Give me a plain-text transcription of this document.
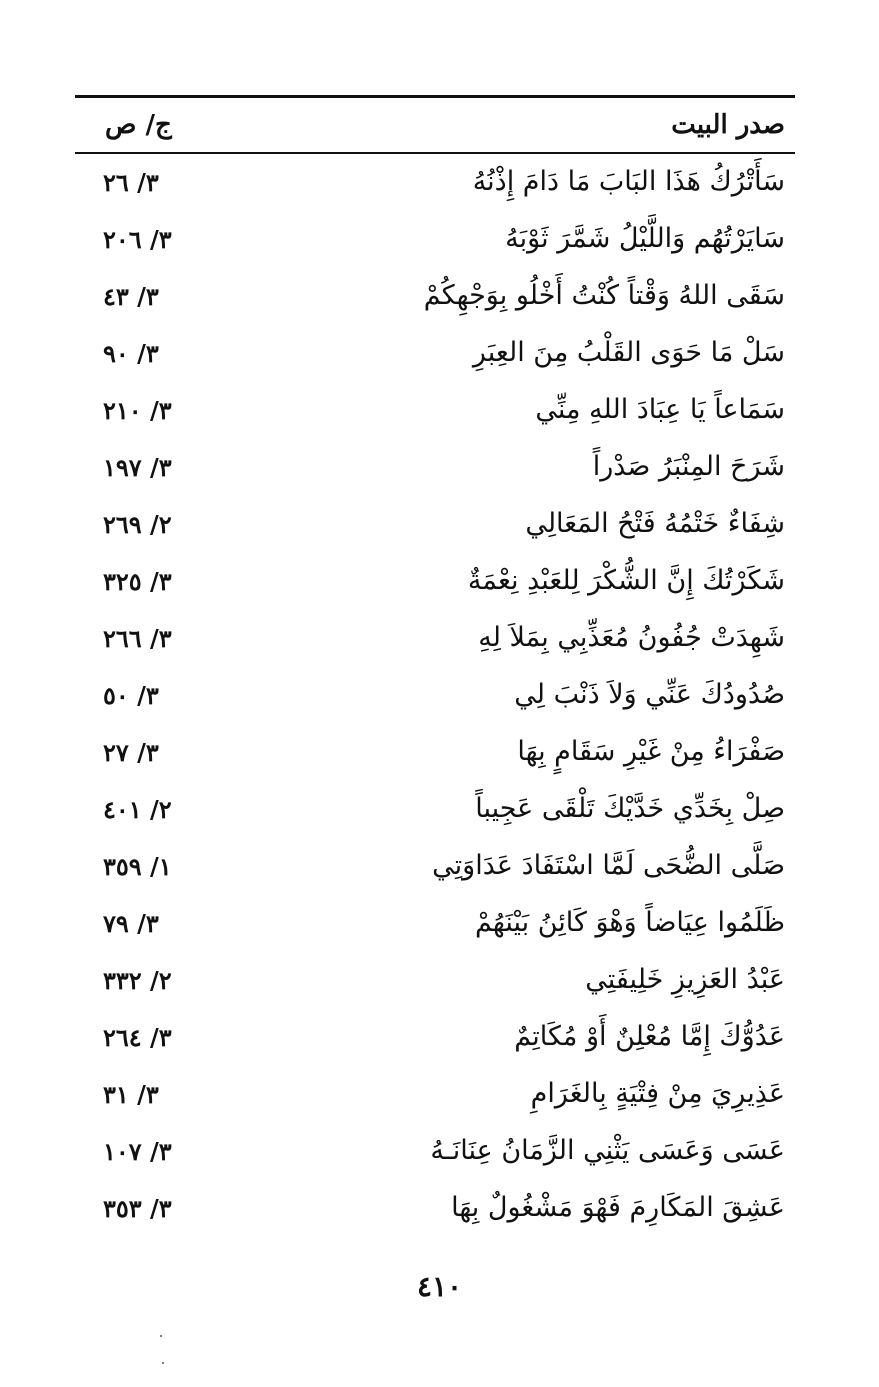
صدر البيت
ج/ ص
سَأَتْرُكُ هَذَا البَابَ مَا دَامَ إِذْنُهُ
٣/ ٢٦
سَايَرْتُهُم وَاللَّيْلُ شَمَّرَ ثَوْبَهُ
٣/ ٢٠٦
سَقَى اللهُ وَقْتاً كُنْتُ أَخْلُو بِوَجْهِكُمْ
٣/ ٤٣
سَلْ مَا حَوَى القَلْبُ مِنَ العِبَرِ
٣/ ٩٠
سَمَاعاً يَا عِبَادَ اللهِ مِنِّي
٣/ ٢١٠
شَرَحَ المِنْبَرُ صَدْراً
٣/ ١٩٧
شِفَاءٌ خَتْمُهُ فَتْحُ المَعَالِي
٢/ ٢٦٩
شَكَرْتُكَ إِنَّ الشُّكْرَ لِلعَبْدِ نِعْمَةٌ
٣/ ٣٢٥
شَهِدَتْ جُفُونُ مُعَذِّبِي بِمَلاَ لِهِ
٣/ ٢٦٦
صُدُودُكَ عَنِّي وَلاَ ذَنْبَ لِي
٣/ ٥٠
صَفْرَاءُ مِنْ غَيْرِ سَقَامٍ بِهَا
٣/ ٢٧
صِلْ بِخَدِّي خَدَّيْكَ تَلْقَى عَجِيباً
٢/ ٤٠١
صَلَّى الضُّحَى لَمَّا اسْتَفَادَ عَدَاوَتِي
١/ ٣٥٩
ظَلَمُوا عِيَاضاً وَهْوَ كَائِنُ بَيْنَهُمْ
٣/ ٧٩
عَبْدُ العَزِيزِ خَلِيفَتِي
٢/ ٣٣٢
عَدُوُّكَ إِمَّا مُعْلِنٌ أَوْ مُكَاتِمٌ
٣/ ٢٦٤
عَذِيرِيَ مِنْ فِتْيَةٍ بِالغَرَامِ
٣/ ٣١
عَسَى وَعَسَى يَثْنِي الزَّمَانُ عِنَانَـهُ
٣/ ١٠٧
عَشِقَ المَكَارِمَ فَهْوَ مَشْغُولٌ بِهَا
٣/ ٣٥٣
٤١٠
